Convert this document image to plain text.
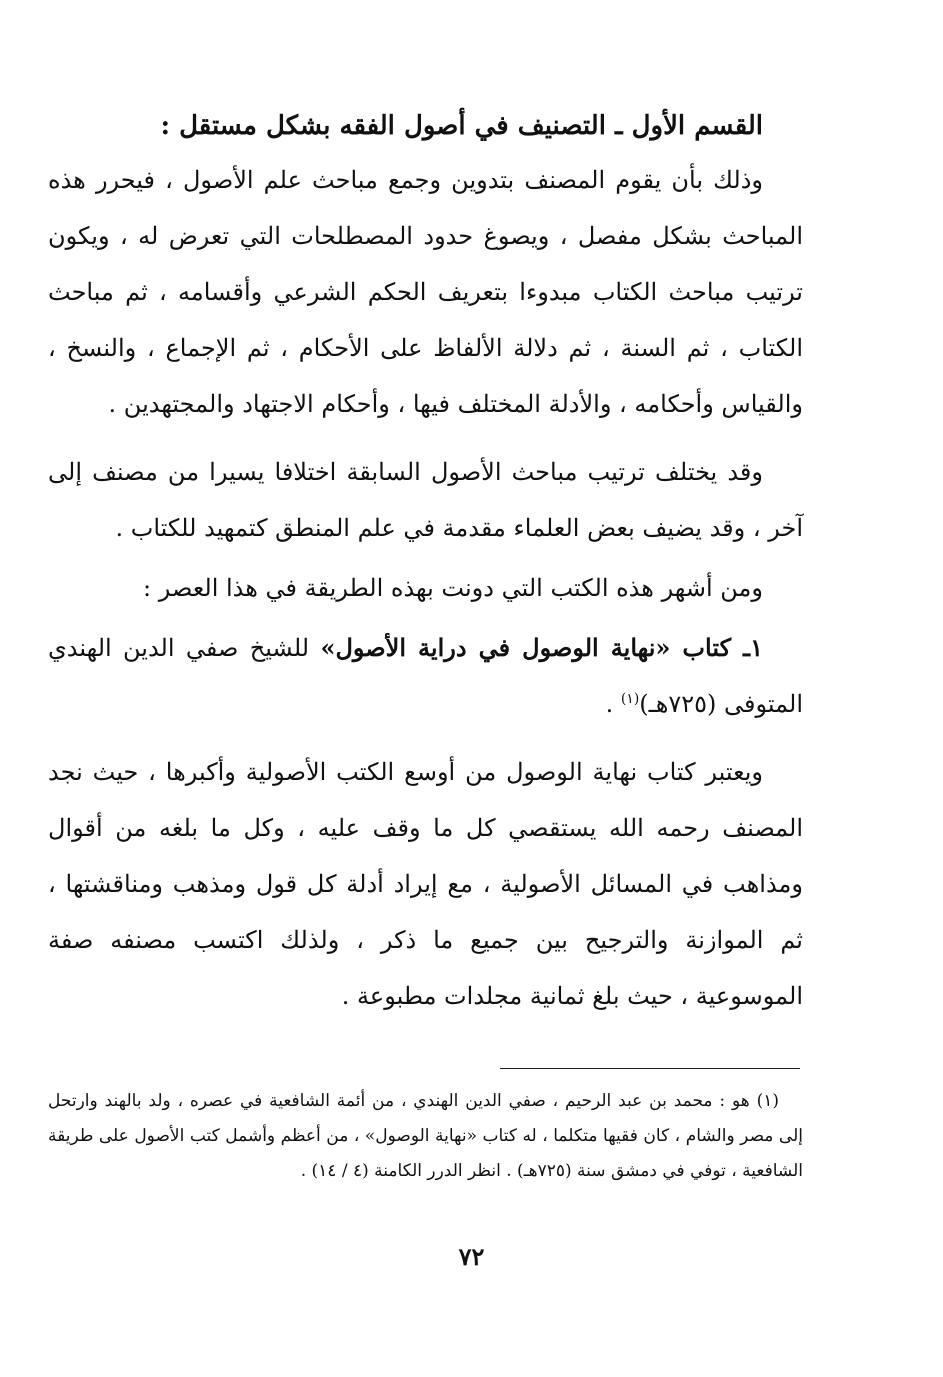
القسم الأول ـ التصنيف في أصول الفقه بشكل مستقل :

وذلك بأن يقوم المصنف بتدوين وجمع مباحث علم الأصول ، فيحرر هذه المباحث بشكل مفصل ، ويصوغ حدود المصطلحات التي تعرض له ، ويكون ترتيب مباحث الكتاب مبدوءا بتعريف الحكم الشرعي وأقسامه ، ثم مباحث الكتاب ، ثم السنة ، ثم دلالة الألفاظ على الأحكام ، ثم الإجماع ، والنسخ ، والقياس وأحكامه ، والأدلة المختلف فيها ، وأحكام الاجتهاد والمجتهدين .

وقد يختلف ترتيب مباحث الأصول السابقة اختلافا يسيرا من مصنف إلى آخر ، وقد يضيف بعض العلماء مقدمة في علم المنطق كتمهيد للكتاب .

ومن أشهر هذه الكتب التي دونت بهذه الطريقة في هذا العصر :

١ـ كتاب «نهاية الوصول في دراية الأصول» للشيخ صفي الدين الهندي المتوفى (٧٢٥هـ)$^{(١)}$ .

ويعتبر كتاب نهاية الوصول من أوسع الكتب الأصولية وأكبرها ، حيث نجد المصنف رحمه الله يستقصي كل ما وقف عليه ، وكل ما بلغه من أقوال ومذاهب في المسائل الأصولية ، مع إيراد أدلة كل قول ومذهب ومناقشتها ، ثم الموازنة والترجيح بين جميع ما ذكر ، ولذلك اكتسب مصنفه صفة الموسوعية ، حيث بلغ ثمانية مجلدات مطبوعة .

(١) هو : محمد بن عبد الرحيم ، صفي الدين الهندي ، من أئمة الشافعية في عصره ، ولد بالهند وارتحل إلى مصر والشام ، كان فقيها متكلما ، له كتاب «نهاية الوصول» ، من أعظم وأشمل كتب الأصول على طريقة الشافعية ، توفي في دمشق سنة (٧٢٥هـ) . انظر الدرر الكامنة (٤ / ١٤) .

٧٢
